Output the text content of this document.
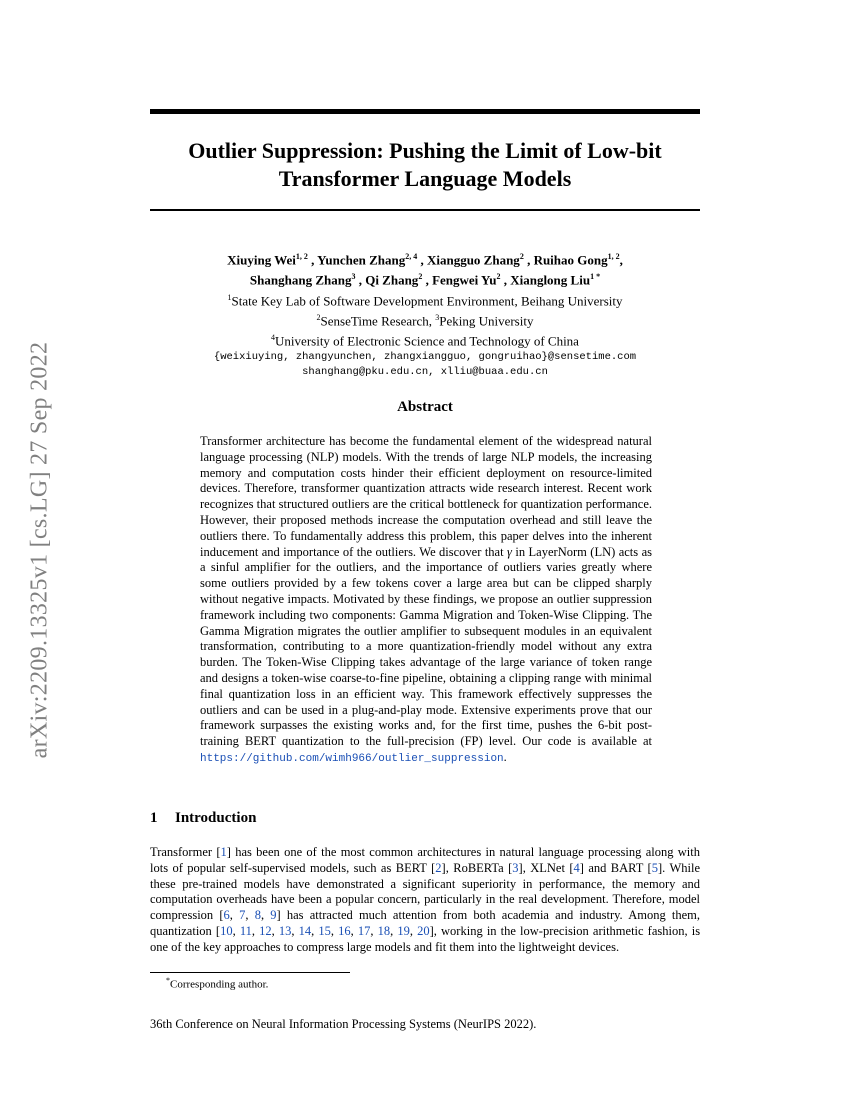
arXiv:2209.13325v1 [cs.LG] 27 Sep 2022
Outlier Suppression: Pushing the Limit of Low-bit
Transformer Language Models
Xiuying Wei$^{1, 2}$ , Yunchen Zhang$^{2, 4}$ , Xiangguo Zhang$^2$ , Ruihao Gong$^{1, 2}$,
Shanghang Zhang$^3$ , Qi Zhang$^2$ , Fengwei Yu$^2$ , Xianglong Liu$^{1 *}$
$^1$State Key Lab of Software Development Environment, Beihang University
$^2$SenseTime Research, $^3$Peking University
$^4$University of Electronic Science and Technology of China
{weixiuying, zhangyunchen, zhangxiangguo, gongruihao}@sensetime.com
shanghang@pku.edu.cn, xlliu@buaa.edu.cn
Abstract
Transformer architecture has become the fundamental element of the widespread natural language processing (NLP) models. With the trends of large NLP models, the increasing memory and computation costs hinder their efficient deployment on resource-limited devices. Therefore, transformer quantization attracts wide research interest. Recent work recognizes that structured outliers are the critical bottleneck for quantization performance. However, their proposed methods increase the computation overhead and still leave the outliers there. To fundamentally address this problem, this paper delves into the inherent inducement and importance of the outliers. We discover that γ in LayerNorm (LN) acts as a sinful amplifier for the outliers, and the importance of outliers varies greatly where some outliers provided by a few tokens cover a large area but can be clipped sharply without negative impacts. Motivated by these findings, we propose an outlier suppression framework including two components: Gamma Migration and Token-Wise Clipping. The Gamma Migration migrates the outlier amplifier to subsequent modules in an equivalent transformation, contributing to a more quantization-friendly model without any extra burden. The Token-Wise Clipping takes advantage of the large variance of token range and designs a token-wise coarse-to-fine pipeline, obtaining a clipping range with minimal final quantization loss in an efficient way. This framework effectively suppresses the outliers and can be used in a plug-and-play mode. Extensive experiments prove that our framework surpasses the existing works and, for the first time, pushes the 6-bit post-training BERT quantization to the full-precision (FP) level. Our code is available at https://github.com/wimh966/outlier_suppression.
1 Introduction
Transformer [1] has been one of the most common architectures in natural language processing along with lots of popular self-supervised models, such as BERT [2], RoBERTa [3], XLNet [4] and BART [5]. While these pre-trained models have demonstrated a significant superiority in performance, the memory and computation overheads have been a popular concern, particularly in the real development. Therefore, model compression [6, 7, 8, 9] has attracted much attention from both academia and industry. Among them, quantization [10, 11, 12, 13, 14, 15, 16, 17, 18, 19, 20], working in the low-precision arithmetic fashion, is one of the key approaches to compress large models and fit them into the lightweight devices.
*Corresponding author.
36th Conference on Neural Information Processing Systems (NeurIPS 2022).
